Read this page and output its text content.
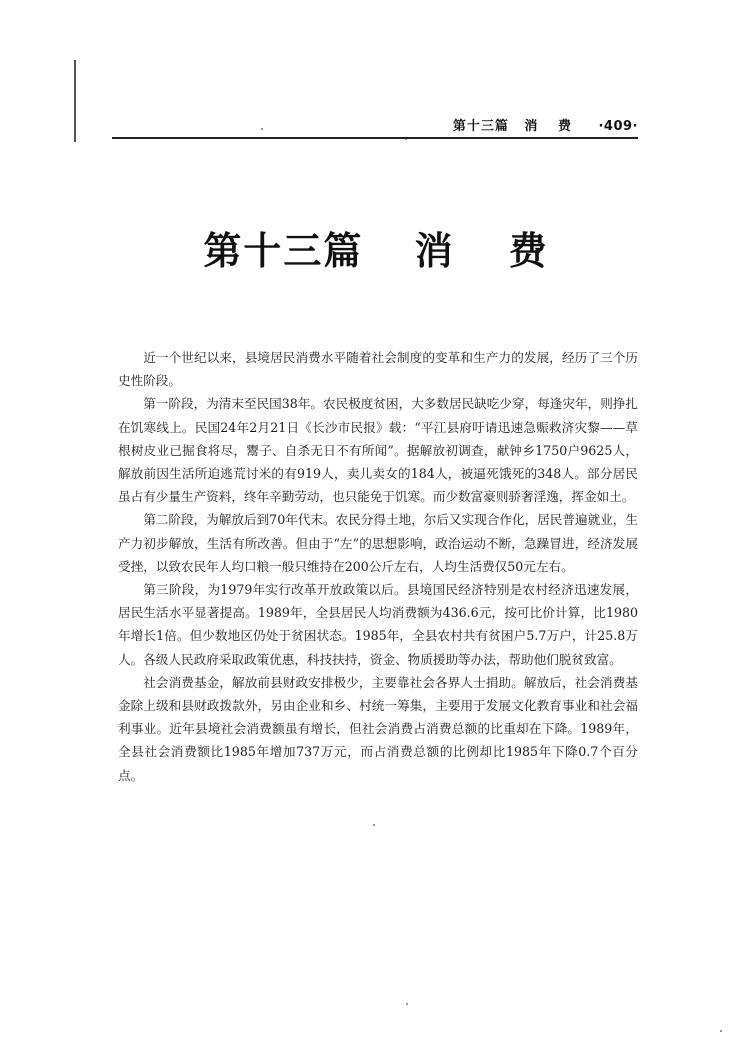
第十三篇 消 费 ·409·
第十三篇 消费

近一个世纪以来，县境居民消费水平随着社会制度的变革和生产力的发展，经历了三个历史性阶段。

第一阶段，为清末至民国38年。农民极度贫困，大多数居民缺吃少穿，每逢灾年，则挣扎在饥寒线上。民国24年2月21日《长沙市民报》载：“平江县府吁请迅速急赈救济灾黎——草根树皮业已掘食将尽，鬻子、自杀无日不有所闻”。据解放初调查，献钟乡1750户9625人，解放前因生活所迫逃荒讨米的有919人，卖儿卖女的184人，被逼死饿死的348人。部分居民虽占有少量生产资料，终年辛勤劳动，也只能免于饥寒。而少数富豪则骄奢淫逸，挥金如土。

第二阶段，为解放后到70年代末。农民分得土地，尔后又实现合作化，居民普遍就业，生产力初步解放，生活有所改善。但由于“左”的思想影响，政治运动不断，急躁冒进，经济发展受挫，以致农民年人均口粮一般只维持在200公斤左右，人均生活费仅50元左右。

第三阶段，为1979年实行改革开放政策以后。县境国民经济特别是农村经济迅速发展，居民生活水平显著提高。1989年，全县居民人均消费额为436.6元，按可比价计算，比1980年增长1倍。但少数地区仍处于贫困状态。1985年，全县农村共有贫困户5.7万户，计25.8万人。各级人民政府采取政策优惠，科技扶持，资金、物质援助等办法，帮助他们脱贫致富。

社会消费基金，解放前县财政安排极少，主要靠社会各界人士捐助。解放后，社会消费基金除上级和县财政拨款外，另由企业和乡、村统一筹集，主要用于发展文化教育事业和社会福利事业。近年县境社会消费额虽有增长，但社会消费占消费总额的比重却在下降。1989年，全县社会消费额比1985年增加737万元，而占消费总额的比例却比1985年下降0.7个百分点。
